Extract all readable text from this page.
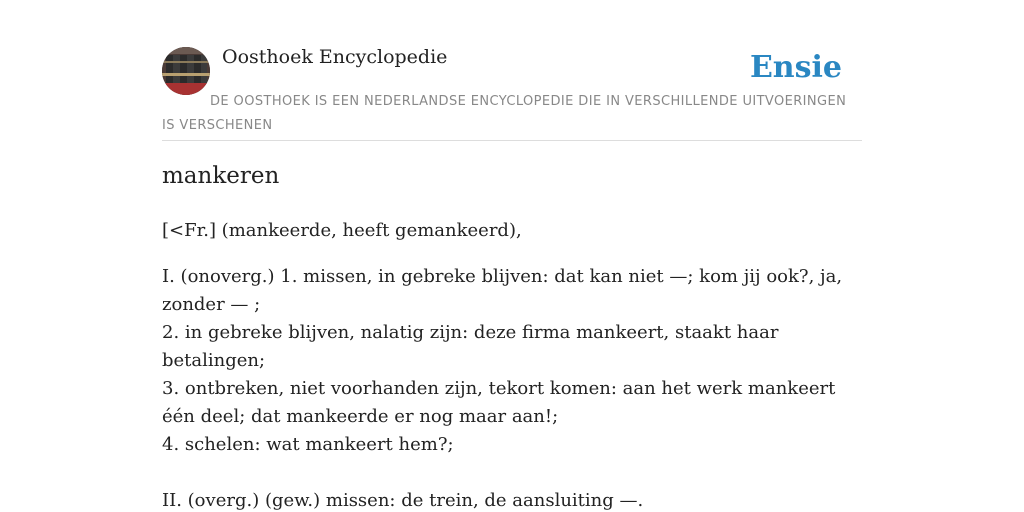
Oosthoek Encyclopedie	Ensie
DE OOSTHOEK IS EEN NEDERLANDSE ENCYCLOPEDIE DIE IN VERSCHILLENDE UITVOERINGEN IS VERSCHENEN
mankeren

[<Fr.] (mankeerde, heeft gemankeerd),

I. (onoverg.) 1. missen, in gebreke blijven: dat kan niet —; kom jij ook?, ja, zonder — ;
2. in gebreke blijven, nalatig zijn: deze firma mankeert, staakt haar betalingen;
3. ontbreken, niet voorhanden zijn, tekort komen: aan het werk mankeert één deel; dat mankeerde er nog maar aan!;
4. schelen: wat mankeert hem?;
II. (overg.) (gew.) missen: de trein, de aansluiting —.
